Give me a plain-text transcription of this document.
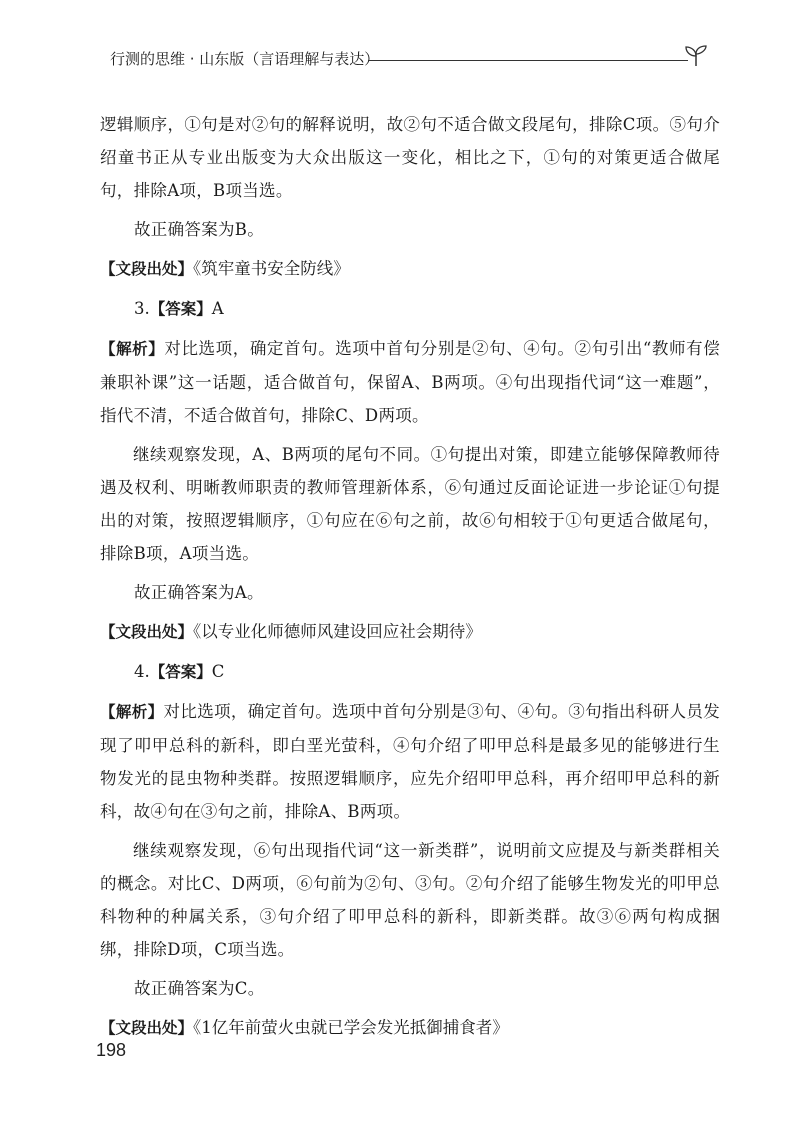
行测的思维 · 山东版（言语理解与表达）

逻辑顺序，①句是对②句的解释说明，故②句不适合做文段尾句，排除C项。⑤句介绍童书正从专业出版变为大众出版这一变化，相比之下，①句的对策更适合做尾句，排除A项，B项当选。

故正确答案为B。

【文段出处】《筑牢童书安全防线》

3.【答案】A

【解析】对比选项，确定首句。选项中首句分别是②句、④句。②句引出“教师有偿兼职补课”这一话题，适合做首句，保留A、B两项。④句出现指代词“这一难题”，指代不清，不适合做首句，排除C、D两项。

继续观察发现，A、B两项的尾句不同。①句提出对策，即建立能够保障教师待遇及权利、明晰教师职责的教师管理新体系，⑥句通过反面论证进一步论证①句提出的对策，按照逻辑顺序，①句应在⑥句之前，故⑥句相较于①句更适合做尾句，排除B项，A项当选。

故正确答案为A。

【文段出处】《以专业化师德师风建设回应社会期待》

4.【答案】C

【解析】对比选项，确定首句。选项中首句分别是③句、④句。③句指出科研人员发现了叩甲总科的新科，即白垩光萤科，④句介绍了叩甲总科是最多见的能够进行生物发光的昆虫物种类群。按照逻辑顺序，应先介绍叩甲总科，再介绍叩甲总科的新科，故④句在③句之前，排除A、B两项。

继续观察发现，⑥句出现指代词“这一新类群”，说明前文应提及与新类群相关的概念。对比C、D两项，⑥句前为②句、③句。②句介绍了能够生物发光的叩甲总科物种的种属关系，③句介绍了叩甲总科的新科，即新类群。故③⑥两句构成捆绑，排除D项，C项当选。

故正确答案为C。

【文段出处】《1亿年前萤火虫就已学会发光抵御捕食者》

198
